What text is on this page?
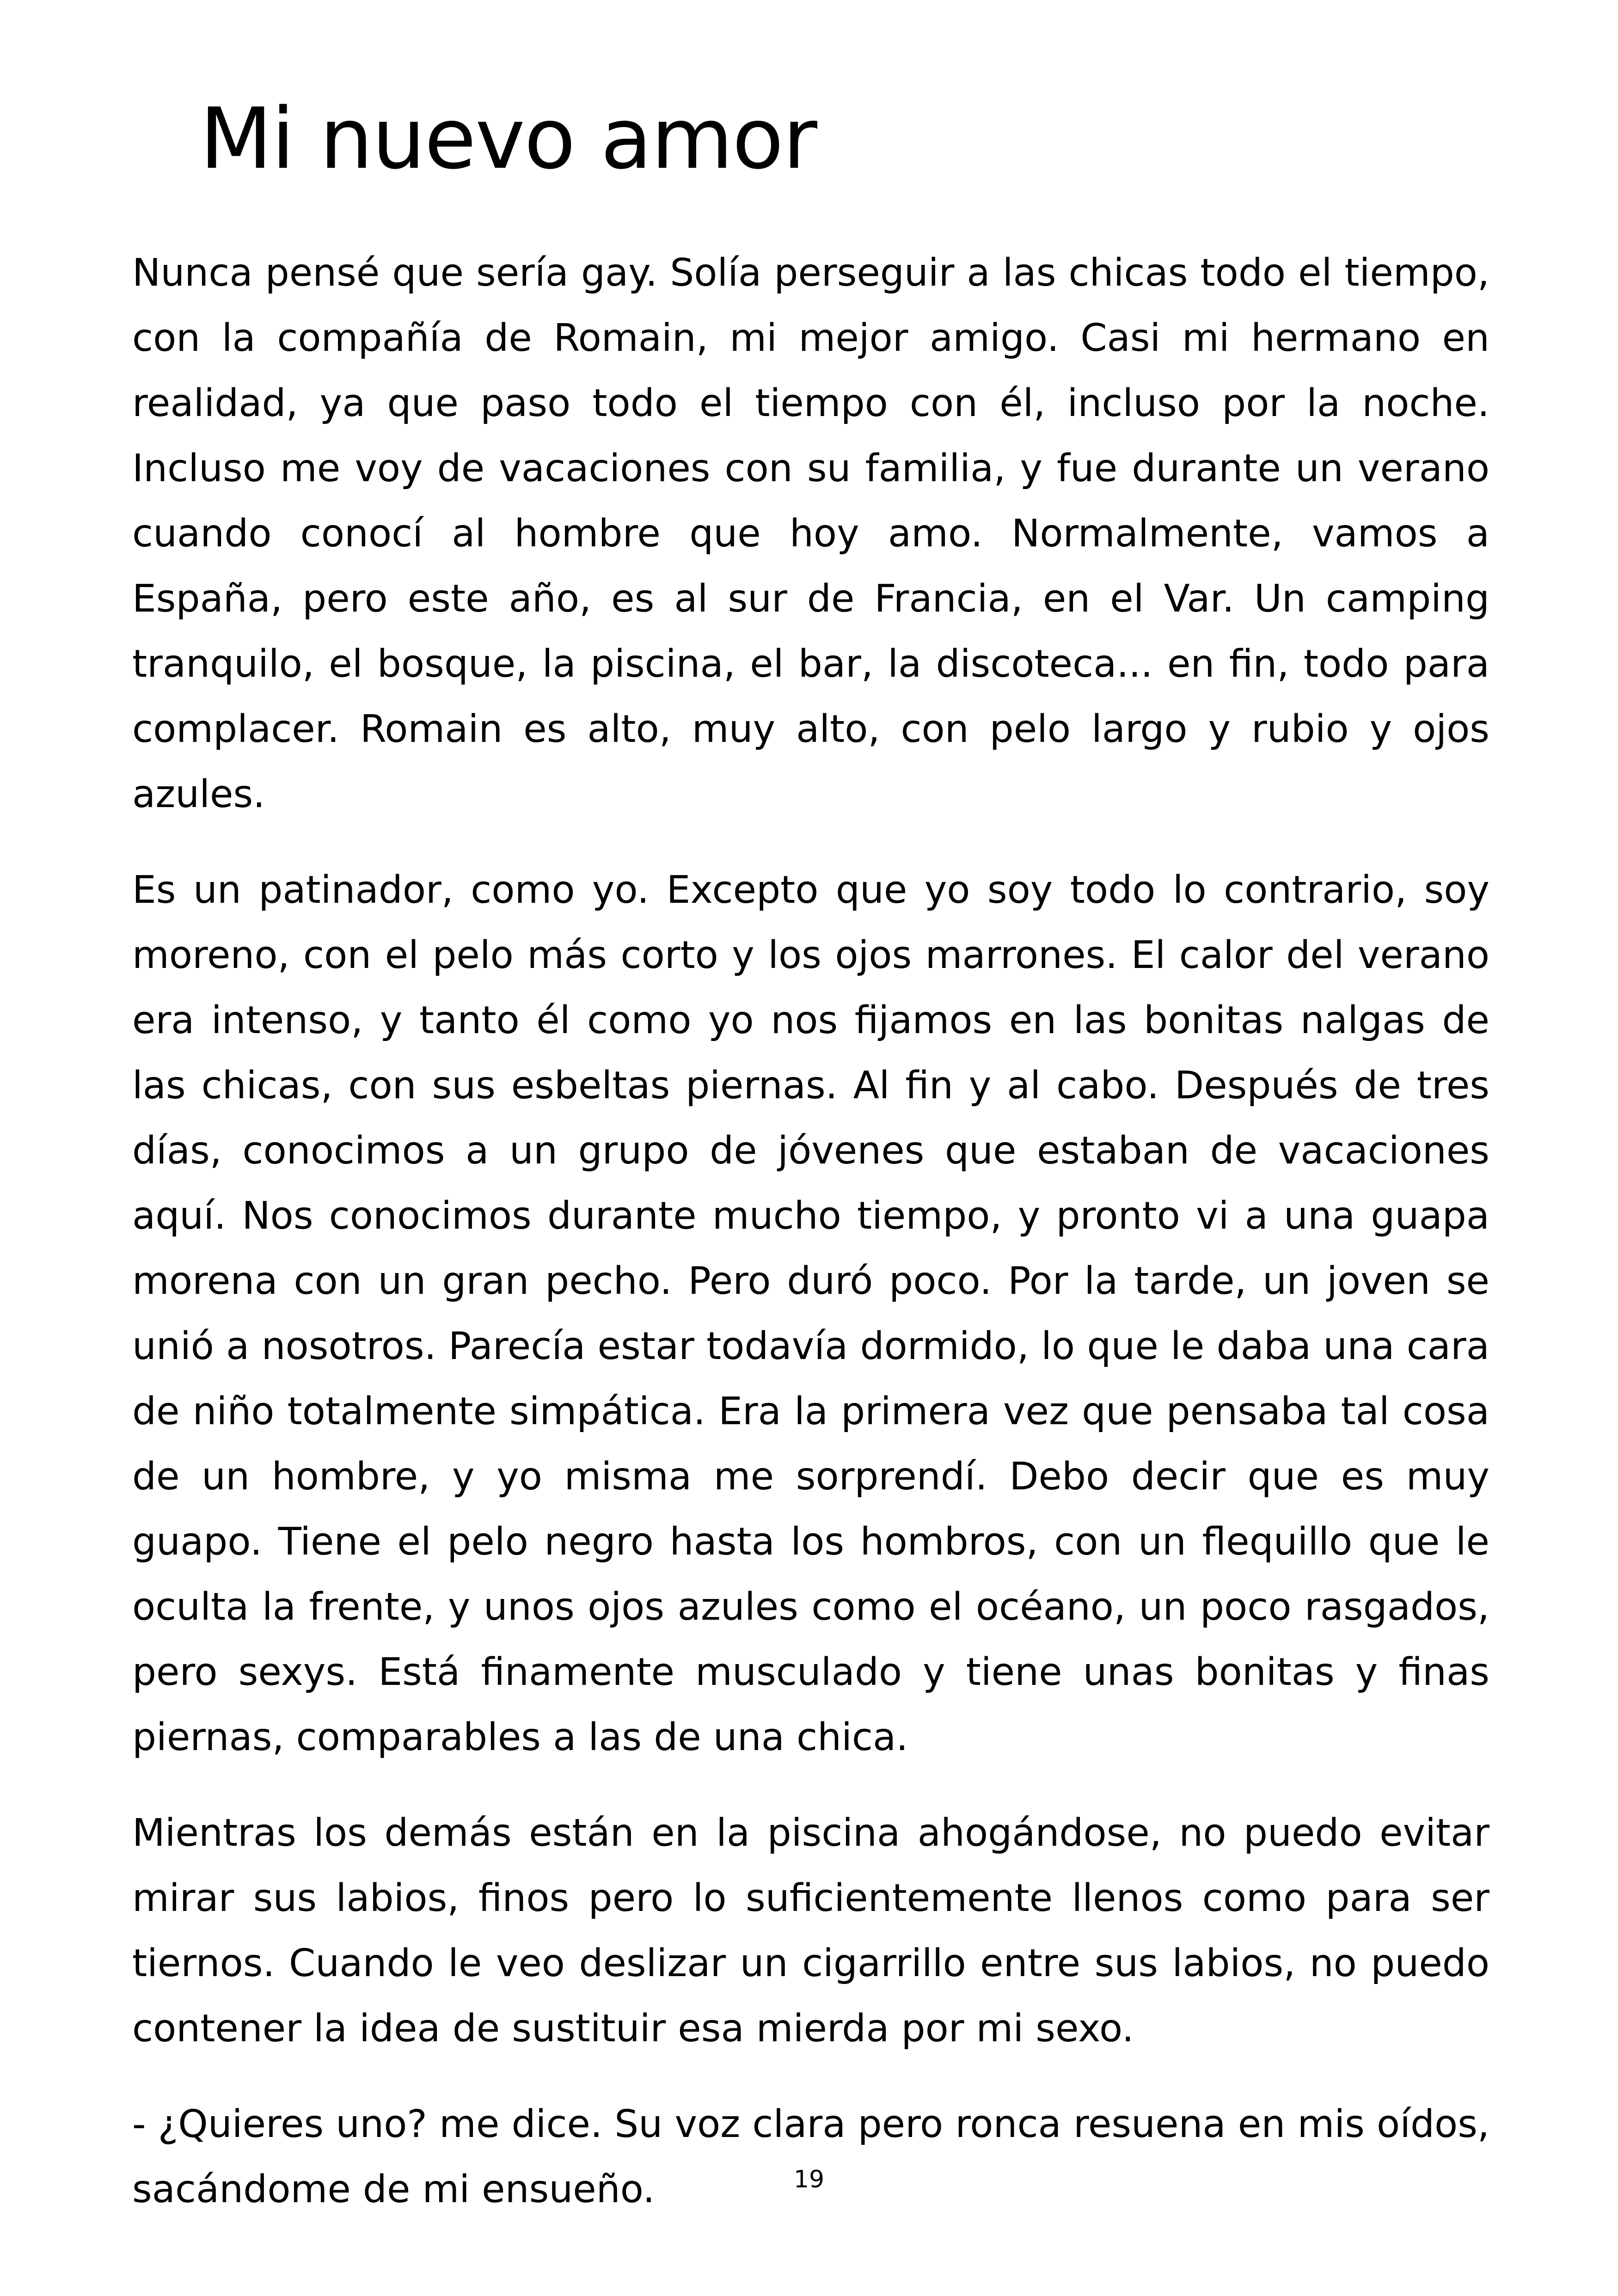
Mi nuevo amor

Nunca pensé que sería gay. Solía perseguir a las chicas todo el tiempo, con la compañía de Romain, mi mejor amigo. Casi mi hermano en realidad, ya que paso todo el tiempo con él, incluso por la noche. Incluso me voy de vacaciones con su familia, y fue durante un verano cuando conocí al hombre que hoy amo. Normalmente, vamos a España, pero este año, es al sur de Francia, en el Var. Un camping tranquilo, el bosque, la piscina, el bar, la discoteca... en fin, todo para complacer. Romain es alto, muy alto, con pelo largo y rubio y ojos azules.

Es un patinador, como yo. Excepto que yo soy todo lo contrario, soy moreno, con el pelo más corto y los ojos marrones. El calor del verano era intenso, y tanto él como yo nos fijamos en las bonitas nalgas de las chicas, con sus esbeltas piernas. Al fin y al cabo. Después de tres días, conocimos a un grupo de jóvenes que estaban de vacaciones aquí. Nos conocimos durante mucho tiempo, y pronto vi a una guapa morena con un gran pecho. Pero duró poco. Por la tarde, un joven se unió a nosotros. Parecía estar todavía dormido, lo que le daba una cara de niño totalmente simpática. Era la primera vez que pensaba tal cosa de un hombre, y yo misma me sorprendí. Debo decir que es muy guapo. Tiene el pelo negro hasta los hombros, con un flequillo que le oculta la frente, y unos ojos azules como el océano, un poco rasgados, pero sexys. Está finamente musculado y tiene unas bonitas y finas piernas, comparables a las de una chica.

Mientras los demás están en la piscina ahogándose, no puedo evitar mirar sus labios, finos pero lo suficientemente llenos como para ser tiernos. Cuando le veo deslizar un cigarrillo entre sus labios, no puedo contener la idea de sustituir esa mierda por mi sexo.

- ¿Quieres uno? me dice. Su voz clara pero ronca resuena en mis oídos, sacándome de mi ensueño.	19
